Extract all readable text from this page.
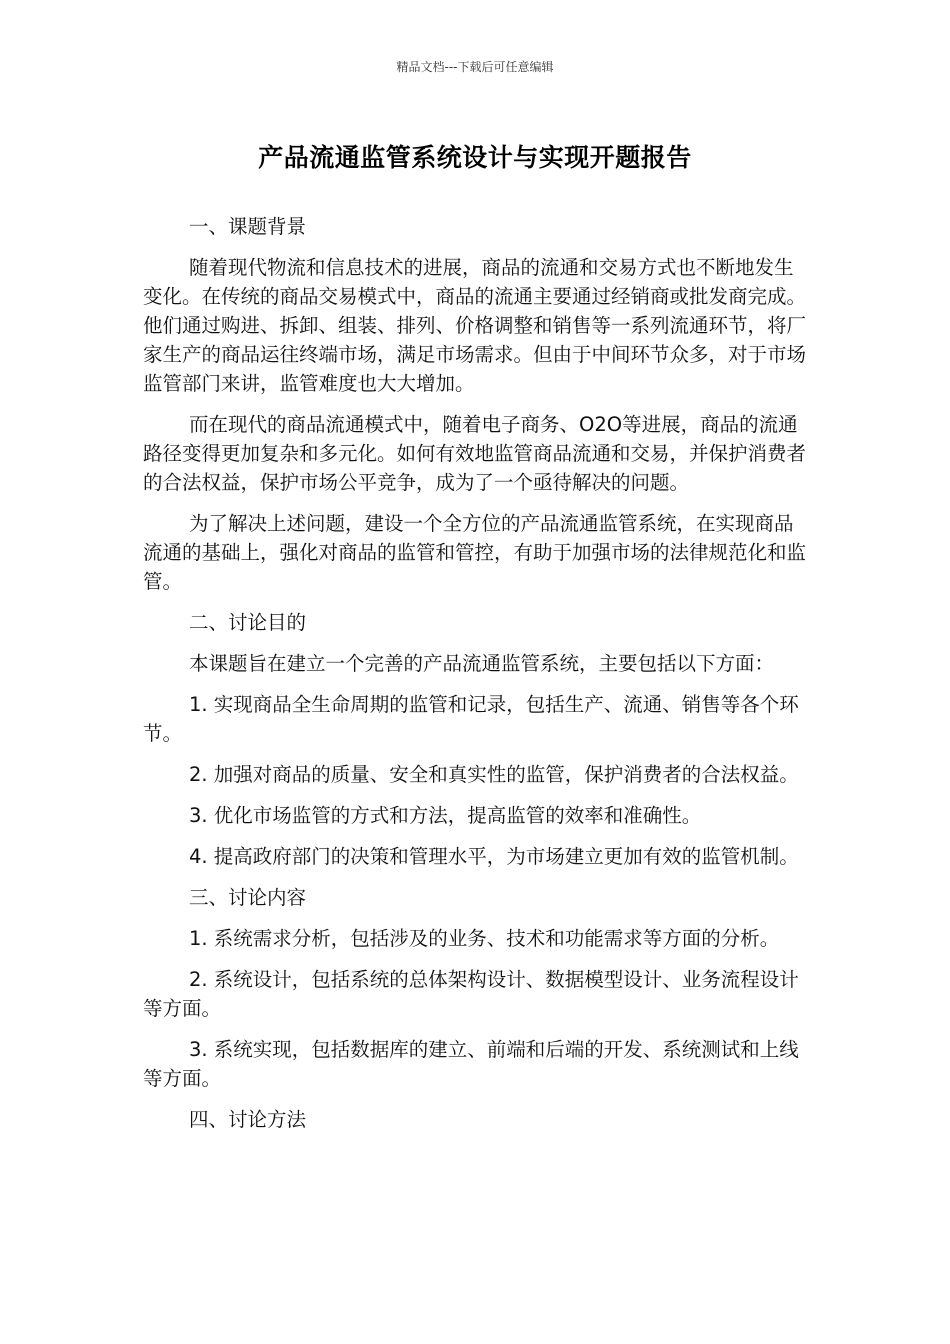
精品文档---下载后可任意编辑
产品流通监管系统设计与实现开题报告

一、课题背景

随着现代物流和信息技术的进展，商品的流通和交易方式也不断地发生变化。在传统的商品交易模式中，商品的流通主要通过经销商或批发商完成。他们通过购进、拆卸、组装、排列、价格调整和销售等一系列流通环节，将厂家生产的商品运往终端市场，满足市场需求。但由于中间环节众多，对于市场监管部门来讲，监管难度也大大增加。

而在现代的商品流通模式中，随着电子商务、O2O等进展，商品的流通路径变得更加复杂和多元化。如何有效地监管商品流通和交易，并保护消费者的合法权益，保护市场公平竞争，成为了一个亟待解决的问题。

为了解决上述问题，建设一个全方位的产品流通监管系统，在实现商品流通的基础上，强化对商品的监管和管控，有助于加强市场的法律规范化和监管。

二、讨论目的

本课题旨在建立一个完善的产品流通监管系统，主要包括以下方面：

1. 实现商品全生命周期的监管和记录，包括生产、流通、销售等各个环节。

2. 加强对商品的质量、安全和真实性的监管，保护消费者的合法权益。

3. 优化市场监管的方式和方法，提高监管的效率和准确性。

4. 提高政府部门的决策和管理水平，为市场建立更加有效的监管机制。

三、讨论内容

1. 系统需求分析，包括涉及的业务、技术和功能需求等方面的分析。

2. 系统设计，包括系统的总体架构设计、数据模型设计、业务流程设计等方面。

3. 系统实现，包括数据库的建立、前端和后端的开发、系统测试和上线等方面。

四、讨论方法
